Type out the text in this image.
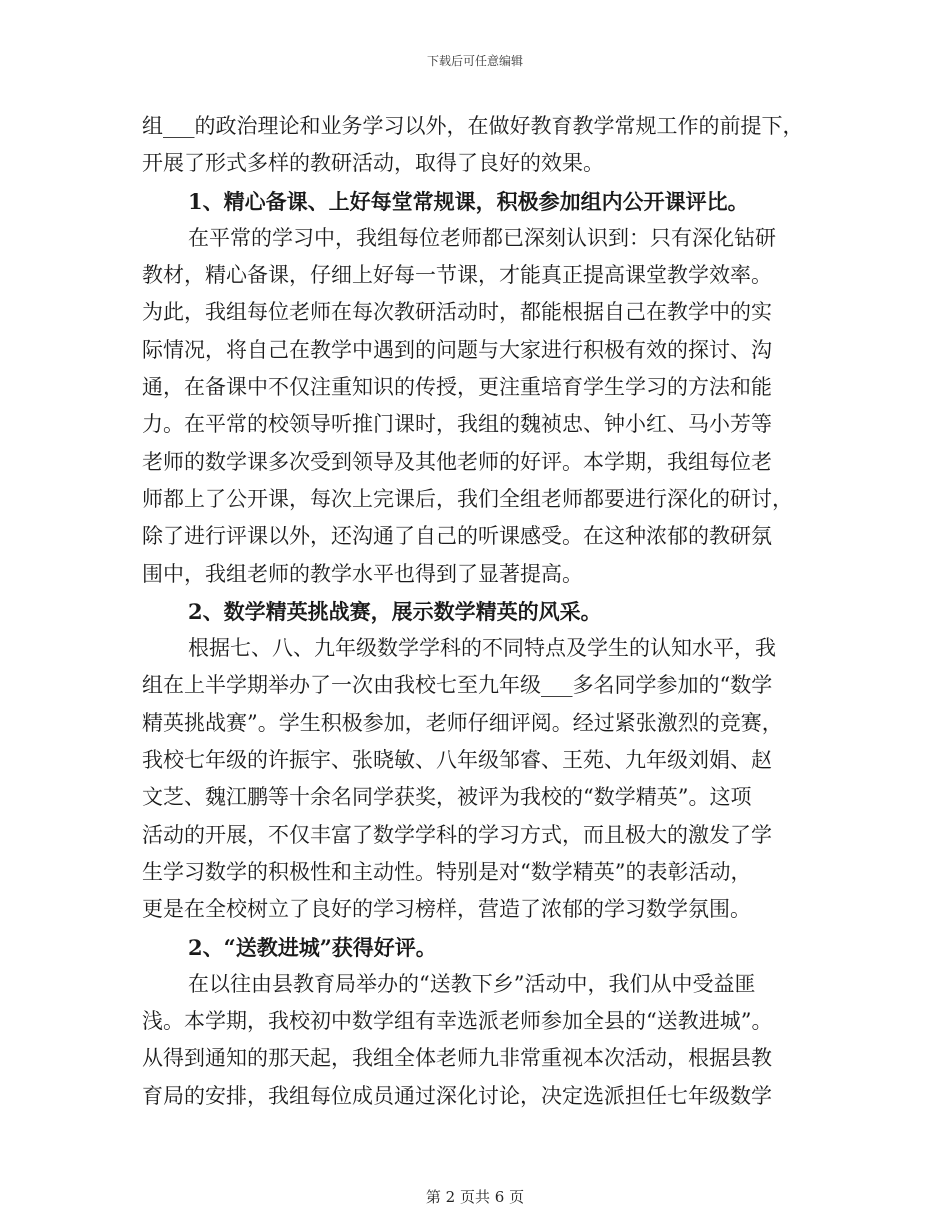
下载后可任意编辑
组___的政治理论和业务学习以外，在做好教育教学常规工作的前提下，
开展了形式多样的教研活动，取得了良好的效果。
1、精心备课、上好每堂常规课，积极参加组内公开课评比。
在平常的学习中，我组每位老师都已深刻认识到：只有深化钻研
教材，精心备课，仔细上好每一节课，才能真正提高课堂教学效率。
为此，我组每位老师在每次教研活动时，都能根据自己在教学中的实
际情况，将自己在教学中遇到的问题与大家进行积极有效的探讨、沟
通，在备课中不仅注重知识的传授，更注重培育学生学习的方法和能
力。在平常的校领导听推门课时，我组的魏祯忠、钟小红、马小芳等
老师的数学课多次受到领导及其他老师的好评。本学期，我组每位老
师都上了公开课，每次上完课后，我们全组老师都要进行深化的研讨，
除了进行评课以外，还沟通了自己的听课感受。在这种浓郁的教研氛
围中，我组老师的教学水平也得到了显著提高。
2、数学精英挑战赛，展示数学精英的风采。
根据七、八、九年级数学学科的不同特点及学生的认知水平，我
组在上半学期举办了一次由我校七至九年级___多名同学参加的“数学
精英挑战赛”。学生积极参加，老师仔细评阅。经过紧张激烈的竞赛，
我校七年级的许振宇、张晓敏、八年级邹睿、王苑、九年级刘娟、赵
文芝、魏江鹏等十余名同学获奖，被评为我校的“数学精英”。这项
活动的开展，不仅丰富了数学学科的学习方式，而且极大的激发了学
生学习数学的积极性和主动性。特别是对“数学精英”的表彰活动，
更是在全校树立了良好的学习榜样，营造了浓郁的学习数学氛围。
2、“送教进城”获得好评。
在以往由县教育局举办的“送教下乡”活动中，我们从中受益匪
浅。本学期，我校初中数学组有幸选派老师参加全县的“送教进城”。
从得到通知的那天起，我组全体老师九非常重视本次活动，根据县教
育局的安排，我组每位成员通过深化讨论，决定选派担任七年级数学
第 2 页共 6 页
